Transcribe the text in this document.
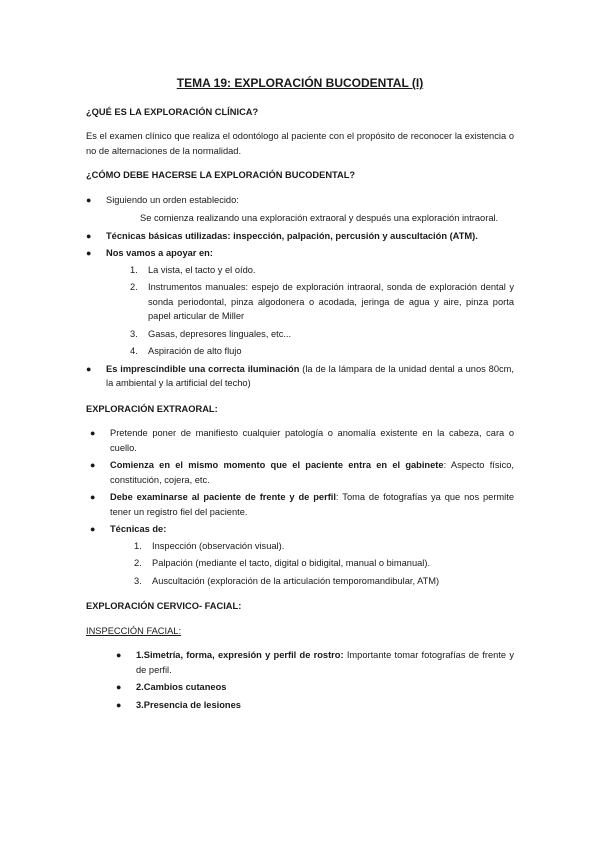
TEMA 19: EXPLORACIÓN BUCODENTAL (I)
¿QUÉ ES LA EXPLORACIÓN CLÍNICA?
Es el examen clínico que realiza el odontólogo al paciente con el propósito de reconocer la existencia o no de alternaciones de la normalidad.
¿CÓMO DEBE HACERSE LA EXPLORACIÓN BUCODENTAL?
● Siguiendo un orden establecido:
Se comienza realizando una exploración extraoral y después una exploración intraoral.
● Técnicas básicas utilizadas: inspección, palpación, percusión y auscultación (ATM).
● Nos vamos a apoyar en:
1. La vista, el tacto y el oído.
2. Instrumentos manuales: espejo de exploración intraoral, sonda de exploración dental y sonda periodontal, pinza algodonera o acodada, jeringa de agua y aire, pinza porta papel articular de Miller
3. Gasas, depresores linguales, etc...
4. Aspiración de alto flujo
● Es imprescindible una correcta iluminación (la de la lámpara de la unidad dental a unos 80cm, la ambiental y la artificial del techo)
EXPLORACIÓN EXTRAORAL:
● Pretende poner de manifiesto cualquier patología o anomalía existente en la cabeza, cara o cuello.
● Comienza en el mismo momento que el paciente entra en el gabinete: Aspecto físico, constitución, cojera, etc.
● Debe examinarse al paciente de frente y de perfil: Toma de fotografías ya que nos permite tener un registro fiel del paciente.
● Técnicas de:
1. Inspección (observación visual).
2. Palpación (mediante el tacto, digital o bidigital, manual o bimanual).
3. Auscultación (exploración de la articulación temporomandibular, ATM)
EXPLORACIÓN CERVICO- FACIAL:
INSPECCIÓN FACIAL:
● 1.Simetría, forma, expresión y perfil de rostro: Importante tomar fotografías de frente y de perfil.
● 2.Cambios cutaneos
● 3.Presencia de lesiones
